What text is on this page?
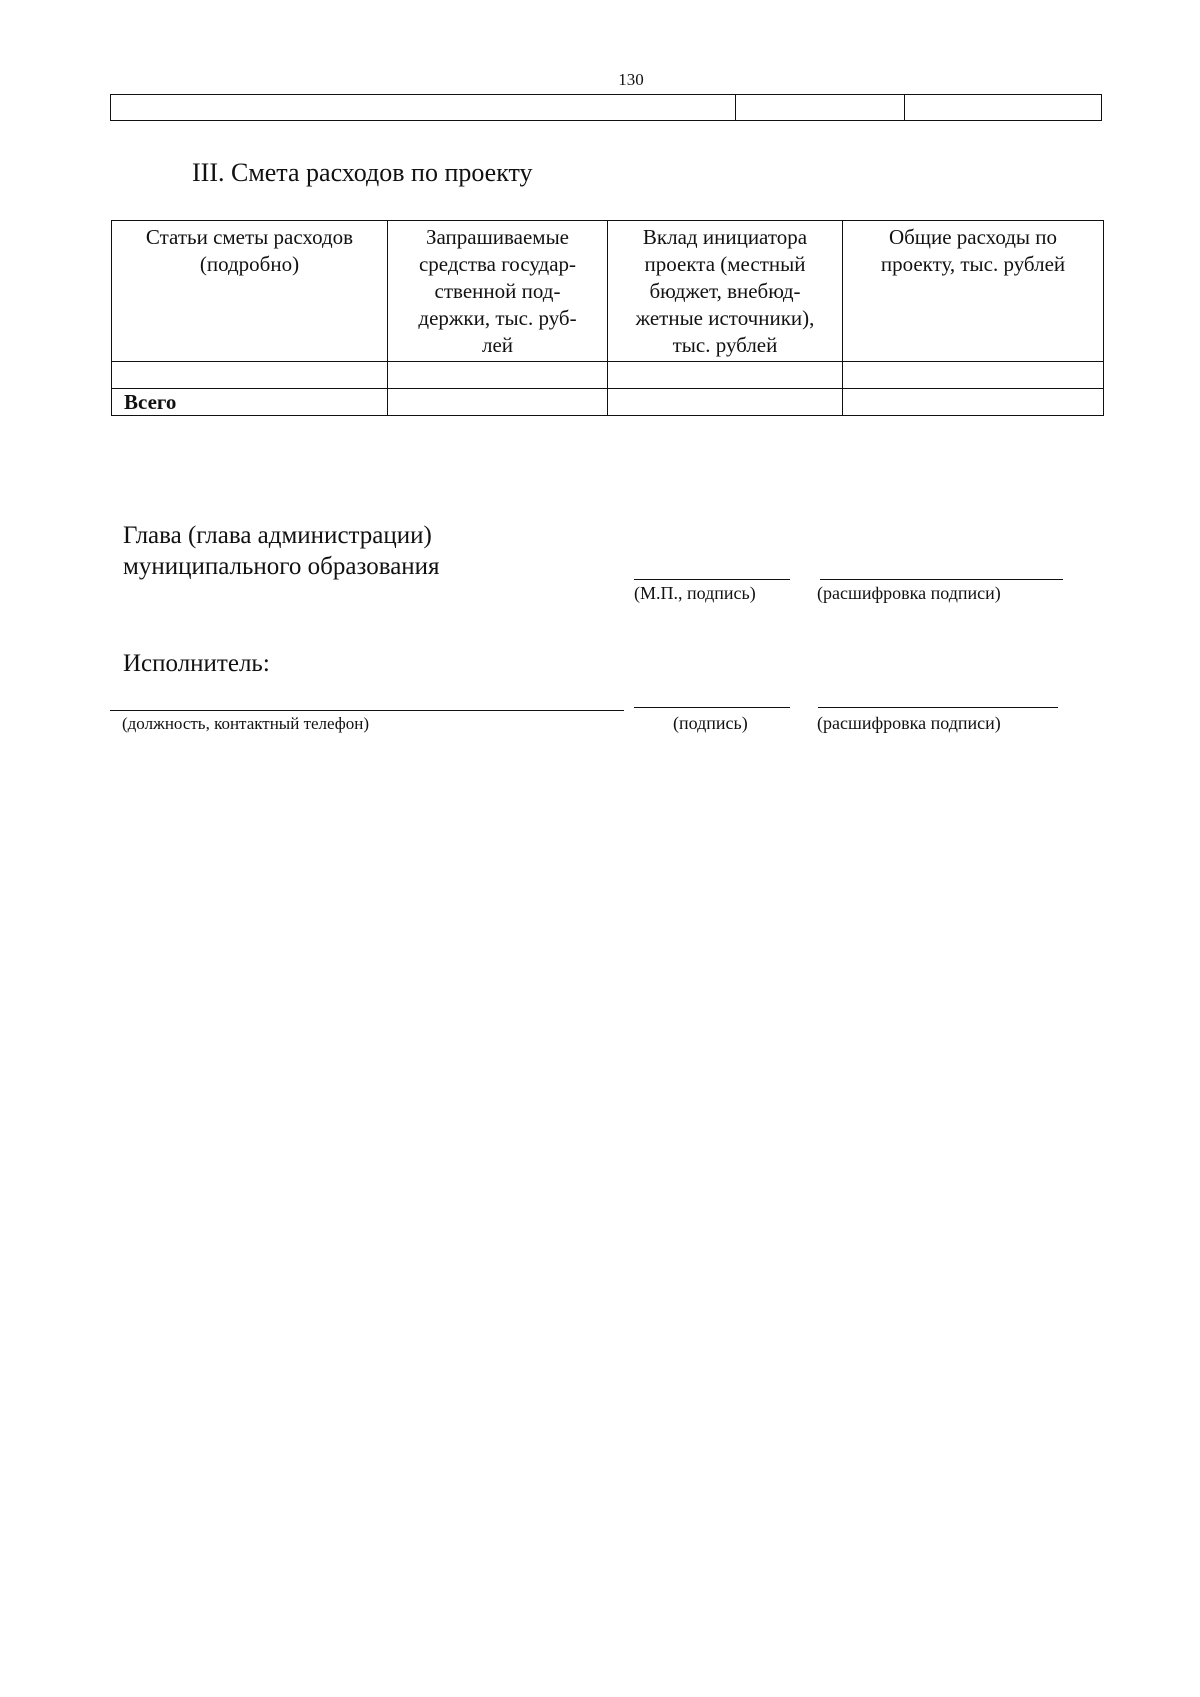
130
III. Смета расходов по проекту
Статьи сметы расходов
(подробно)	Запрашиваемые
средства государ-
ственной под-
держки, тыс. руб-
лей	Вклад инициатора
проекта (местный
бюджет, внебюд-
жетные источники),
тыс. рублей	Общие расходы по
проекту, тыс. рублей

Всего			
Глава (глава администрации)
муниципального образования
(М.П., подпись)	(расшифровка подписи)
Исполнитель:
(должность, контактный телефон)	(подпись)	(расшифровка подписи)
